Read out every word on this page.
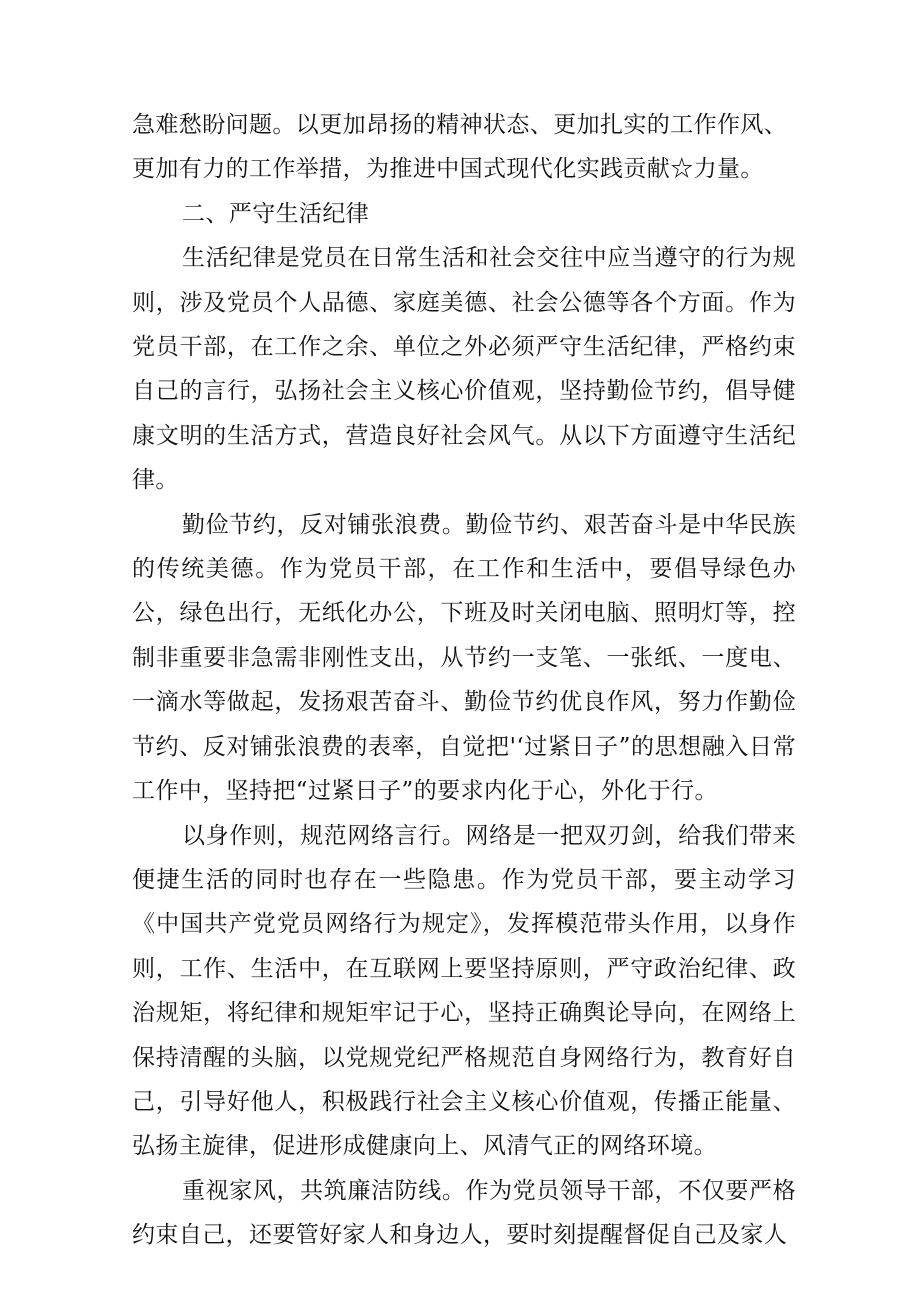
急难愁盼问题。以更加昂扬的精神状态、更加扎实的工作作风、
更加有力的工作举措，为推进中国式现代化实践贡献☆力量。

二、严守生活纪律

生活纪律是党员在日常生活和社会交往中应当遵守的行为规则，涉及党员个人品德、家庭美德、社会公德等各个方面。作为党员干部，在工作之余、单位之外必须严守生活纪律，严格约束自己的言行，弘扬社会主义核心价值观，坚持勤俭节约，倡导健康文明的生活方式，营造良好社会风气。从以下方面遵守生活纪律。

勤俭节约，反对铺张浪费。勤俭节约、艰苦奋斗是中华民族的传统美德。作为党员干部，在工作和生活中，要倡导绿色办公，绿色出行，无纸化办公，下班及时关闭电脑、照明灯等，控制非重要非急需非刚性支出，从节约一支笔、一张纸、一度电、一滴水等做起，发扬艰苦奋斗、勤俭节约优良作风，努力作勤俭节约、反对铺张浪费的表率，自觉把'‘过紧日子”的思想融入日常工作中，坚持把“过紧日子”的要求内化于心，外化于行。

以身作则，规范网络言行。网络是一把双刃剑，给我们带来便捷生活的同时也存在一些隐患。作为党员干部，要主动学习《中国共产党党员网络行为规定》，发挥模范带头作用，以身作则，工作、生活中，在互联网上要坚持原则，严守政治纪律、政治规矩，将纪律和规矩牢记于心，坚持正确舆论导向，在网络上保持清醒的头脑，以党规党纪严格规范自身网络行为，教育好自己，引导好他人，积极践行社会主义核心价值观，传播正能量、弘扬主旋律，促进形成健康向上、风清气正的网络环境。

重视家风，共筑廉洁防线。作为党员领导干部，不仅要严格约束自己，还要管好家人和身边人，要时刻提醒督促自己及家人
